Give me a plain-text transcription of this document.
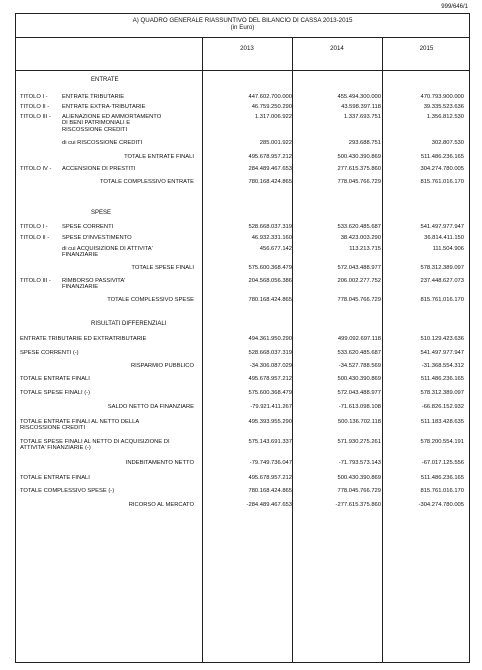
999/646/1
A) QUADRO GENERALE RIASSUNTIVO DEL BILANCIO DI CASSA 2013-2015
(in Euro)
2013	2014	2015
ENTRATE
TITOLO I - ENTRATE TRIBUTARIE	447.602.700.000	455.494.300.000	470.793.900.000
TITOLO II - ENTRATE EXTRA-TRIBUTARIE	46.759.250.290	43.598.397.118	39.335.523.636
TITOLO III - ALIENAZIONE ED AMMORTAMENTO
DI BENI PATRIMONIALI E
RISCOSSIONE CREDITI
1.317.006.922	1.337.693.751	1.356.812.530
di cui RISCOSSIONE CREDITI	285.001.922	293.688.751	302.807.530
TOTALE ENTRATE FINALI	495.678.957.212	500.430.390.869	511.486.236.165
TITOLO IV - ACCENSIONE DI PRESTITI	284.489.467.653	277.615.375.860	304.274.780.005
TOTALE COMPLESSIVO ENTRATE	780.168.424.865	778.045.766.729	815.761.016.170
SPESE
TITOLO I - SPESE CORRENTI	528.668.037.319	533.620.485.687	541.497.977.947
TITOLO II - SPESE D'INVESTIMENTO	46.932.331.160	38.423.003.290	36.814.411.150
di cui ACQUISIZIONE DI ATTIVITA'
FINANZIARIE
456.677.142	113.213.715	111.504.906
TOTALE SPESE FINALI	575.600.368.479	572.043.488.977	578.312.389.097
TITOLO III - RIMBORSO PASSIVITA'
FINANZIARIE
204.568.056.386	206.002.277.752	237.448.627.073
TOTALE COMPLESSIVO SPESE	780.168.424.865	778.045.766.729	815.761.016.170
RISULTATI DIFFERENZIALI
ENTRATE TRIBUTARIE ED EXTRATRIBUTARIE	494.361.950.290	499.092.697.118	510.129.423.636
SPESE CORRENTI (-)	528.668.037.319	533.620.485.687	541.497.977.947
RISPARMIO PUBBLICO	-34.306.087.029	-34.527.788.569	-31.368.554.312
TOTALE ENTRATE FINALI	495.678.957.212	500.430.390.869	511.486.236.165
TOTALE SPESE FINALI (-)	575.600.368.479	572.043.488.977	578.312.389.097
SALDO NETTO DA FINANZIARE	-79.921.411.267	-71.613.098.108	-66.826.152.932
TOTALE ENTRATE FINALI AL NETTO DELLA
RISCOSSIONE CREDITI
495.393.955.290	500.136.702.118	511.183.428.635
TOTALE SPESE FINALI AL NETTO DI ACQUISIZIONE DI
ATTIVITA' FINANZIARIE (-)
575.143.691.337	571.930.275.261	578.200.554.191
INDEBITAMENTO NETTO	-79.749.736.047	-71.793.573.143	-67.017.125.556
TOTALE ENTRATE FINALI	495.678.957.212	500.430.390.869	511.486.236.165
TOTALE COMPLESSIVO SPESE (-)	780.168.424.865	778.045.766.729	815.761.016.170
RICORSO AL MERCATO	-284.489.467.653	-277.615.375.860	-304.274.780.005
